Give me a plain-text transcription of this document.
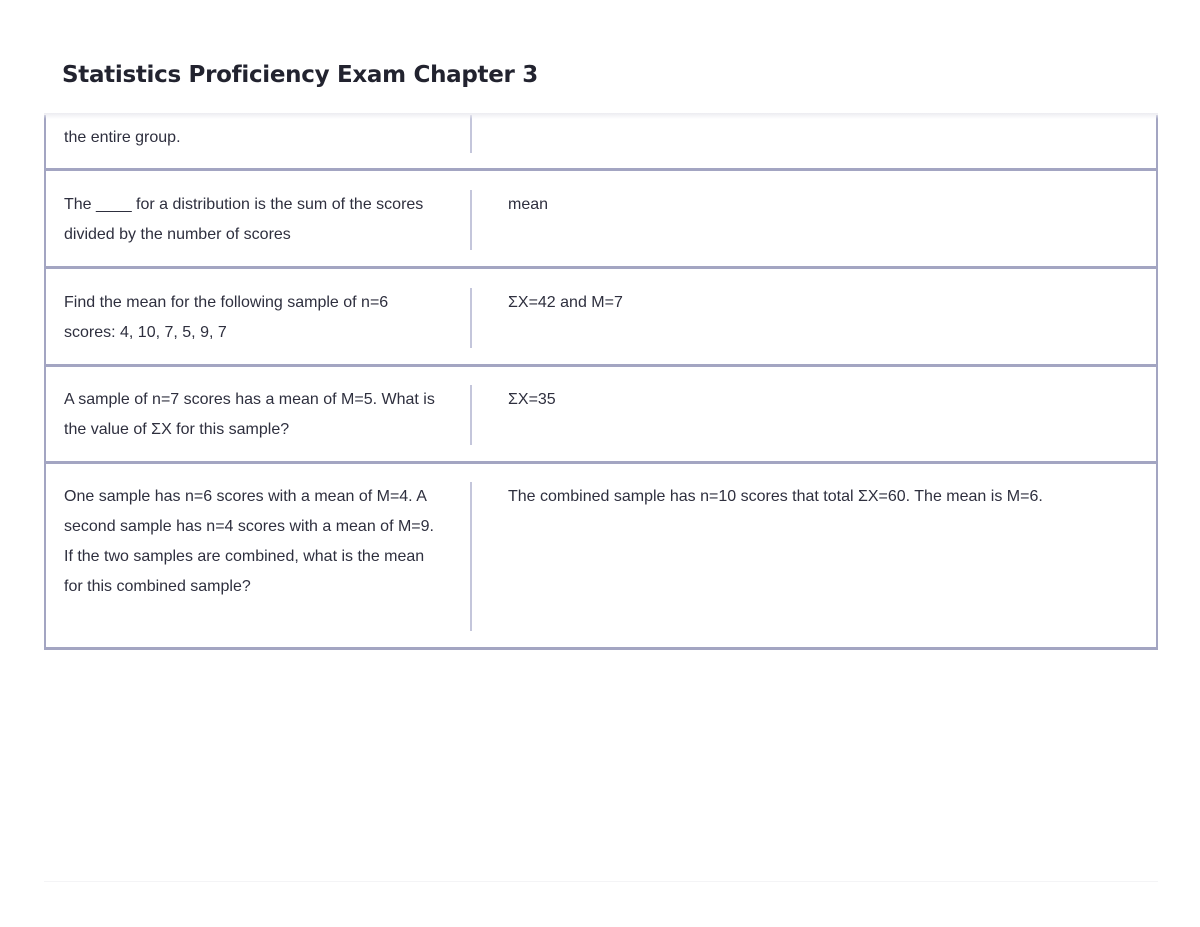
Statistics Proficiency Exam Chapter 3
the entire group.
The ____ for a distribution is the sum of the scores divided by the number of scores
mean
Find the mean for the following sample of n=6 scores: 4, 10, 7, 5, 9, 7
ΣX=42 and M=7
A sample of n=7 scores has a mean of M=5. What is the value of ΣX for this sample?
ΣX=35
One sample has n=6 scores with a mean of M=4. A second sample has n=4 scores with a mean of M=9. If the two samples are combined, what is the mean for this combined sample?
The combined sample has n=10 scores that total ΣX=60. The mean is M=6.
